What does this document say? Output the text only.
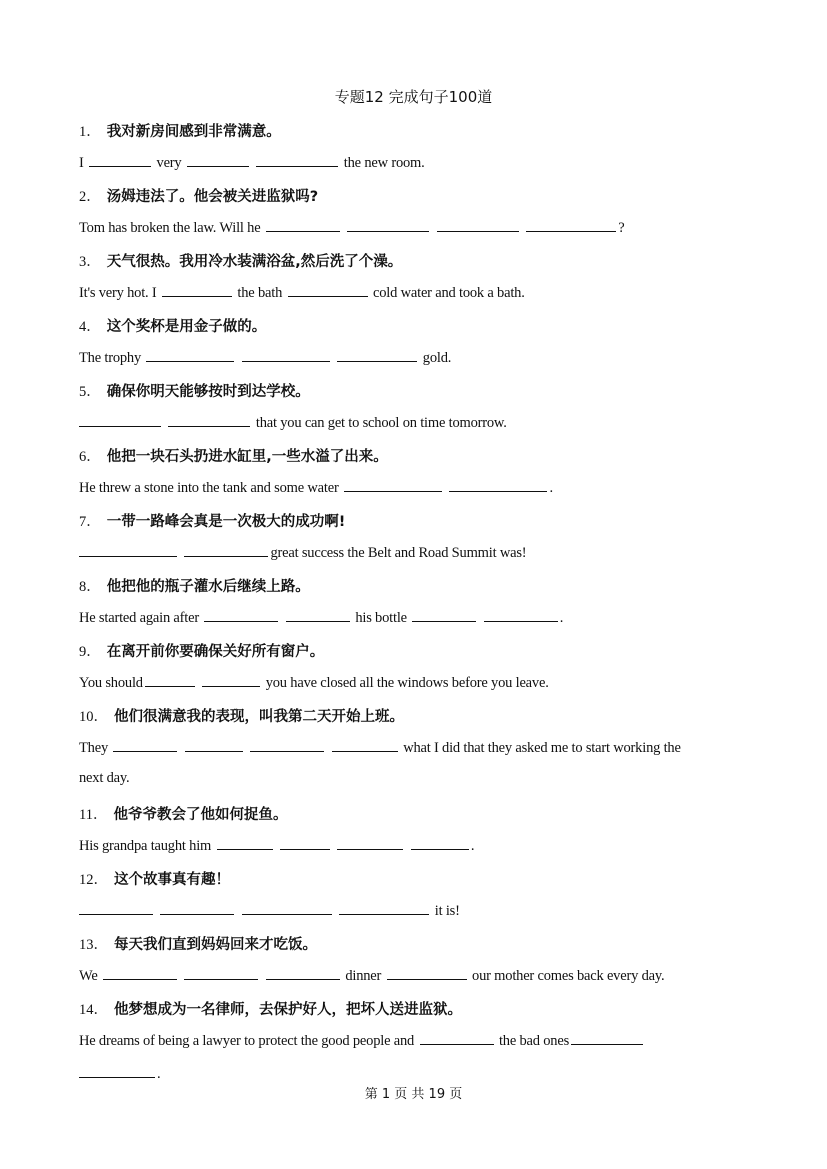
专题12 完成句子100道
1． 我对新房间感到非常满意。
I	very	the new room.
2． 汤姆违法了。他会被关进监狱吗?
Tom has broken the law. Will he	?
3． 天气很热。我用冷水装满浴盆,然后洗了个澡。
It's very hot. I	the bath	cold water and took a bath.
4． 这个奖杯是用金子做的。
The trophy	gold.
5． 确保你明天能够按时到达学校。
that you can get to school on time tomorrow.
6． 他把一块石头扔进水缸里,一些水溢了出来。
He threw a stone into the tank and some water	.
7． 一带一路峰会真是一次极大的成功啊!
great success the Belt and Road Summit was!
8． 他把他的瓶子灌水后继续上路。
He started again after	his bottle	.
9． 在离开前你要确保关好所有窗户。
You should	you have closed all the windows before you leave.
10． 他们很满意我的表现，叫我第二天开始上班。
They	what I did that they asked me to start working the
next day.
11． 他爷爷教会了他如何捉鱼。
His grandpa taught him	.
12． 这个故事真有趣！
it is!
13． 每天我们直到妈妈回来才吃饭。
We	dinner	our mother comes back every day.
14． 他梦想成为一名律师，去保护好人，把坏人送进监狱。
He dreams of being a lawyer to protect the good people and	the bad ones
.
第 1 页 共 19 页
